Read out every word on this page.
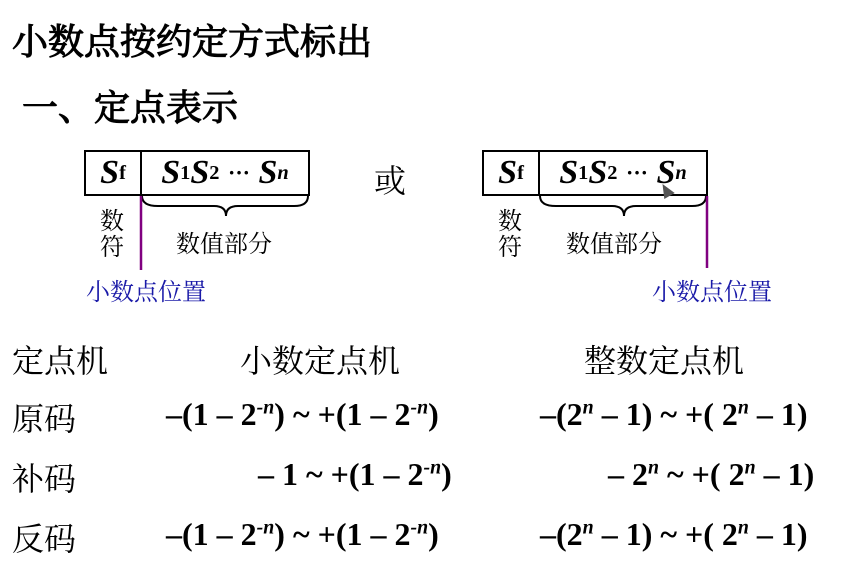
小数点按约定方式标出
一、定点表示
S f S 1 S 2
···
S n	S f S 1 S 2
···
S n
数符 数值部分
小数点位置
或
数符 数值部分
小数点位置
定点机	小数定点机	整数定点机
原码	$-(1 - 2^{-n})$ ~ $+(1 - 2^{-n})$	–(2$^n$ – 1) ~ +( 2$^n$ – 1)
补码	– 1 ~ $+(1 - 2^{-n})$	– 2$^n$ ~ +( 2$^n$ – 1)
反码	$-(1 - 2^{-n})$ ~ $+(1 - 2^{-n})$	–(2$^n$ – 1) ~ +( 2$^n$ – 1)
